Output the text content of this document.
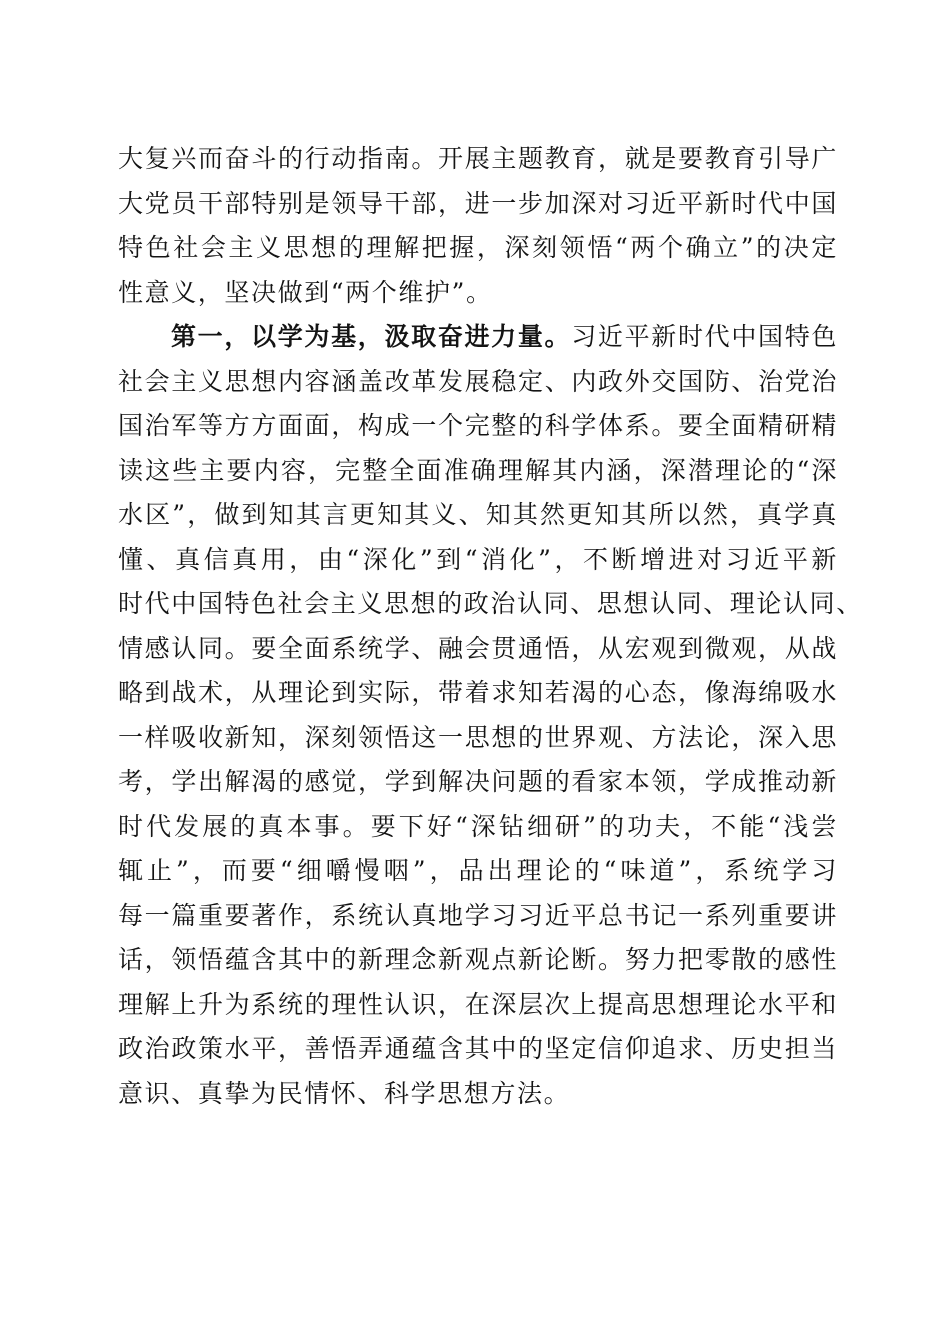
大复兴而奋斗的行动指南。开展主题教育，就是要教育引导广
大党员干部特别是领导干部，进一步加深对习近平新时代中国
特色社会主义思想的理解把握，深刻领悟“两个确立”的决定
性意义，坚决做到“两个维护”。
第一，以学为基，汲取奋进力量。习近平新时代中国特色
社会主义思想内容涵盖改革发展稳定、内政外交国防、治党治
国治军等方方面面，构成一个完整的科学体系。要全面精研精
读这些主要内容，完整全面准确理解其内涵，深潜理论的“深
水区”，做到知其言更知其义、知其然更知其所以然，真学真
懂、真信真用，由“深化”到“消化”，不断增进对习近平新
时代中国特色社会主义思想的政治认同、思想认同、理论认同、
情感认同。要全面系统学、融会贯通悟，从宏观到微观，从战
略到战术，从理论到实际，带着求知若渴的心态，像海绵吸水
一样吸收新知，深刻领悟这一思想的世界观、方法论，深入思
考，学出解渴的感觉，学到解决问题的看家本领，学成推动新
时代发展的真本事。要下好“深钻细研”的功夫，不能“浅尝
辄止”，而要“细嚼慢咽”，品出理论的“味道”，系统学习
每一篇重要著作，系统认真地学习习近平总书记一系列重要讲
话，领悟蕴含其中的新理念新观点新论断。努力把零散的感性
理解上升为系统的理性认识，在深层次上提高思想理论水平和
政治政策水平，善悟弄通蕴含其中的坚定信仰追求、历史担当
意识、真挚为民情怀、科学思想方法。
